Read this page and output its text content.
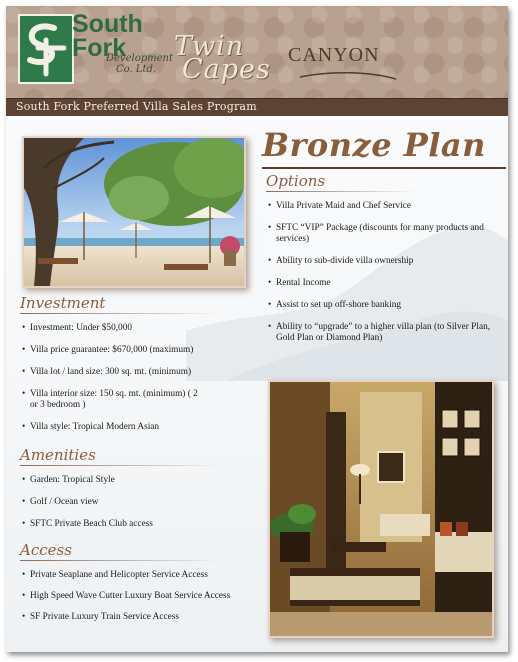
South
Fork
Development
Co. Ltd.
Twin
Capes CANYON
South Fork Preferred Villa Sales Program
Bronze Plan
Options
• Villa Private Maid and Chef Service
• SFTC “VIP” Package (discounts for many products and services)
• Ability to sub-divide villa ownership
• Rental Income
• Assist to set up off-shore banking
• Ability to “upgrade” to a higher villa plan (to Silver Plan, Gold Plan or Diamond Plan)
Investment
• Investment: Under $50,000
• Villa price guarantee: $670,000 (maximum)
• Villa lot / land size: 300 sq. mt. (minimum)
• Villa interior size: 150 sq. mt. (minimum) ( 2 or 3 bedroom )
• Villa style: Tropical Modern Asian
Amenities
• Garden: Tropical Style
• Golf / Ocean view
• SFTC Private Beach Club access
Access
• Private Seaplane and Helicopter Service Access
• High Speed Wave Cutter Luxury Boat Service Access
• SF Private Luxury Train Service Access
